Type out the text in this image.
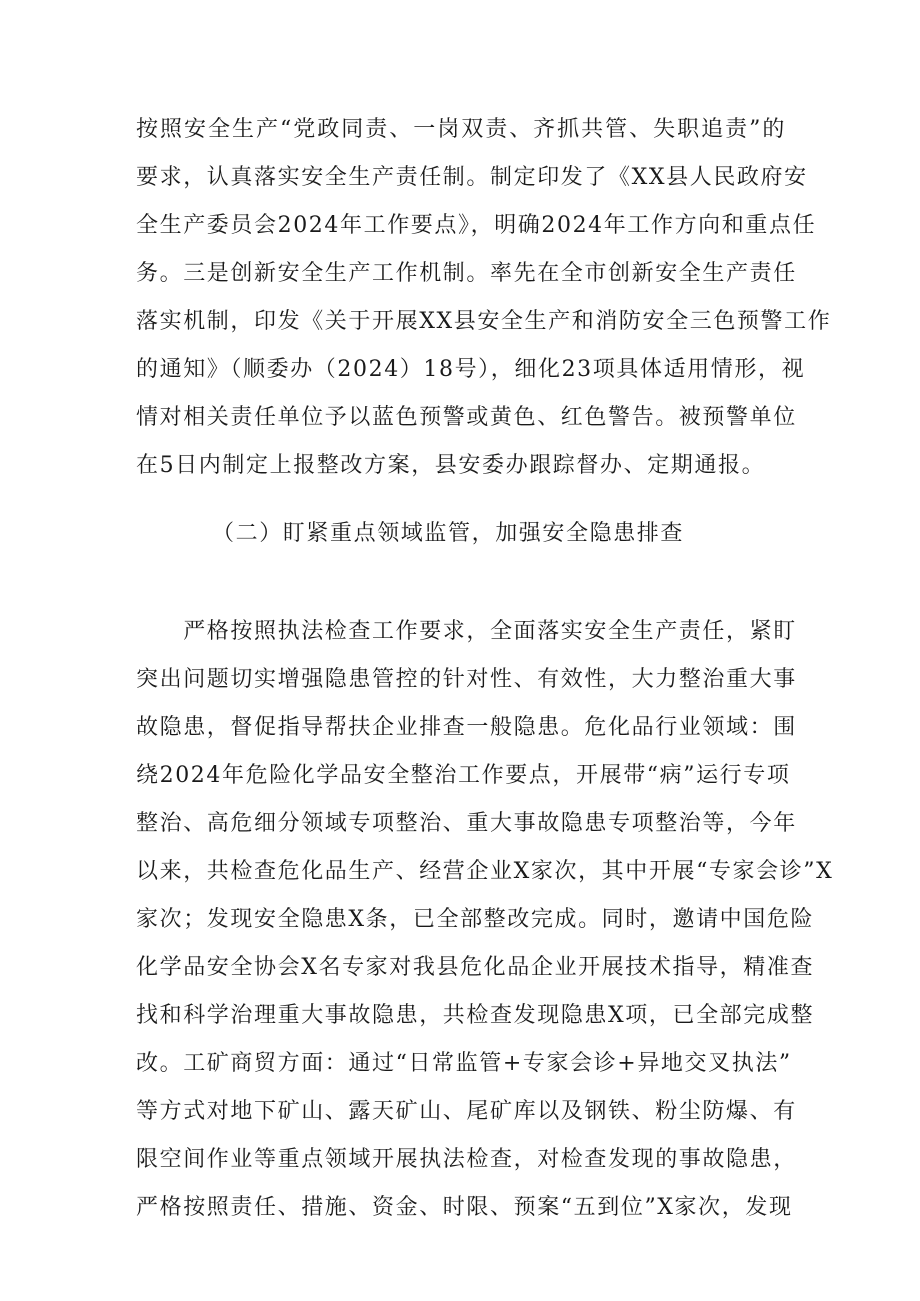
按照安全生产“党政同责、一岗双责、齐抓共管、失职追责”的
要求，认真落实安全生产责任制。制定印发了《XX县人民政府安
全生产委员会2024年工作要点》，明确2024年工作方向和重点任
务。三是创新安全生产工作机制。率先在全市创新安全生产责任
落实机制，印发《关于开展XX县安全生产和消防安全三色预警工作
的通知》（顺委办（2024）18号），细化23项具体适用情形，视
情对相关责任单位予以蓝色预警或黄色、红色警告。被预警单位
在5日内制定上报整改方案，县安委办跟踪督办、定期通报。
（二）盯紧重点领域监管，加强安全隐患排查
　　严格按照执法检查工作要求，全面落实安全生产责任，紧盯
突出问题切实增强隐患管控的针对性、有效性，大力整治重大事
故隐患，督促指导帮扶企业排查一般隐患。危化品行业领域：围
绕2024年危险化学品安全整治工作要点，开展带“病”运行专项
整治、高危细分领域专项整治、重大事故隐患专项整治等，今年
以来，共检查危化品生产、经营企业X家次，其中开展“专家会诊”X
家次；发现安全隐患X条，已全部整改完成。同时，邀请中国危险
化学品安全协会X名专家对我县危化品企业开展技术指导，精准查
找和科学治理重大事故隐患，共检查发现隐患X项，已全部完成整
改。工矿商贸方面：通过“日常监管+专家会诊+异地交叉执法”
等方式对地下矿山、露天矿山、尾矿库以及钢铁、粉尘防爆、有
限空间作业等重点领域开展执法检查，对检查发现的事故隐患，
严格按照责任、措施、资金、时限、预案“五到位”X家次，发现
